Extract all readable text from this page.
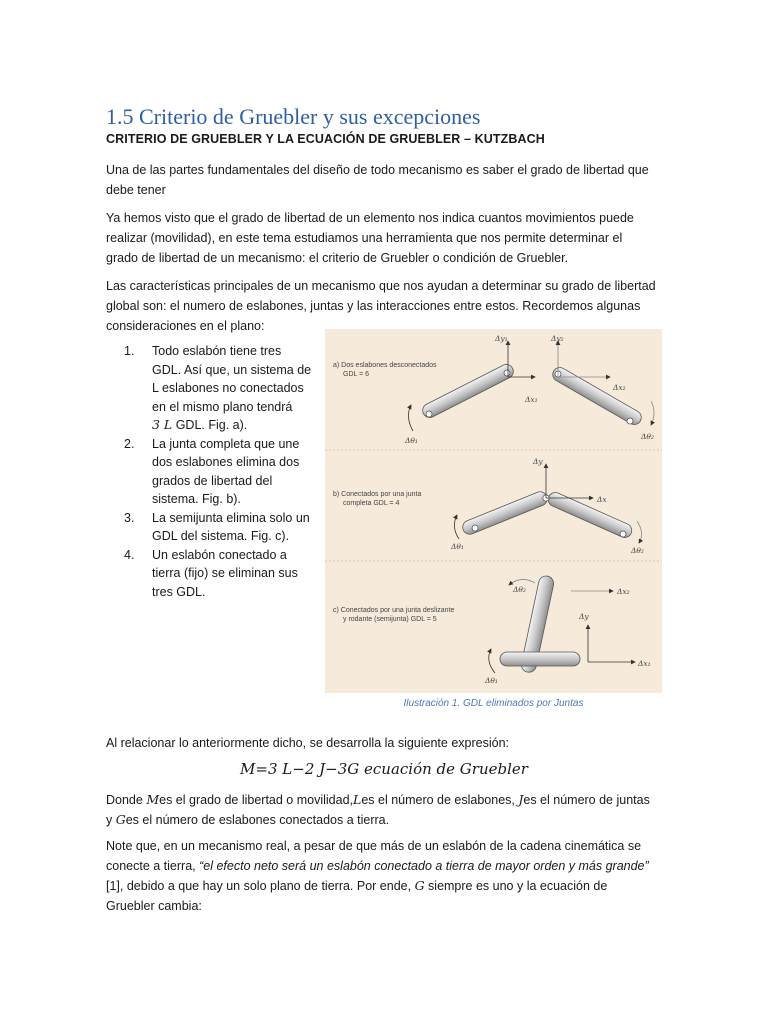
1.5 Criterio de Gruebler y sus excepciones
CRITERIO DE GRUEBLER Y LA ECUACIÓN DE GRUEBLER – KUTZBACH
Una de las partes fundamentales del diseño de todo mecanismo es saber el grado de libertad que
debe tener
Ya hemos visto que el grado de libertad de un elemento nos indica cuantos movimientos puede
realizar (movilidad), en este tema estudiamos una herramienta que nos permite determinar el
grado de libertad de un mecanismo: el criterio de Gruebler o condición de Gruebler.
Las características principales de un mecanismo que nos ayudan a determinar su grado de libertad
global son: el numero de eslabones, juntas y las interacciones entre estos. Recordemos algunas
consideraciones en el plano:
1. Todo eslabón tiene tres
GDL. Así que, un sistema de
L eslabones no conectados
en el mismo plano tendrá
3 L GDL. Fig. a).
2. La junta completa que une
dos eslabones elimina dos
grados de libertad del
sistema. Fig. b).
3. La semijunta elimina solo un
GDL del sistema. Fig. c).
4. Un eslabón conectado a
tierra (fijo) se eliminan sus
tres GDL.
a) Dos eslabones desconectados
GDL = 6
Δy₁
Δx₁
Δy₂
Δx₂
Δθ₁	Δθ₂
b) Conectados por una junta
completa GDL = 4
Δy
Δx
Δθ₁	Δθ₂
c) Conectados por una junta deslizante
y rodante (semijunta) GDL = 5	Δy
Δx₁
Δx₂
Δθ₂
Δθ₁
Ilustración 1. GDL eliminados por Juntas
Al relacionar lo anteriormente dicho, se desarrolla la siguiente expresión:
M=3 L−2 J−3G ecuación de Gruebler
Donde Mes el grado de libertad o movilidad,Les el número de eslabones, Jes el número de juntas
y Ges el número de eslabones conectados a tierra.
Note que, en un mecanismo real, a pesar de que más de un eslabón de la cadena cinemática se
conecte a tierra, “el efecto neto será un eslabón conectado a tierra de mayor orden y más grande”
[1], debido a que hay un solo plano de tierra. Por ende, G siempre es uno y la ecuación de
Gruebler cambia:
